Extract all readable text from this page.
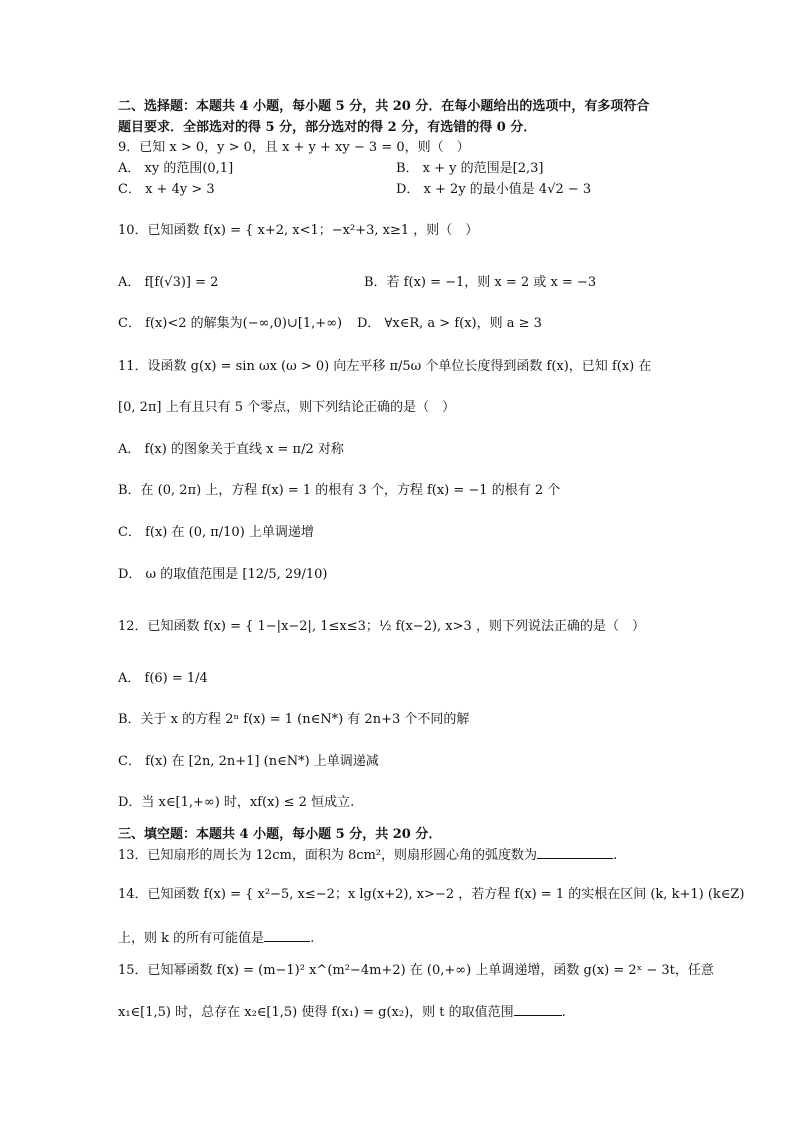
二、选择题：本题共 4 小题，每小题 5 分，共 20 分．在每小题给出的选项中，有多项符合
题目要求．全部选对的得 5 分，部分选对的得 2 分，有选错的得 0 分．
9．已知 x > 0，y > 0，且 x + y + xy − 3 = 0，则（　）
A． xy 的范围(0,1]	B． x + y 的范围是[2,3]
C． x + 4y > 3	D． x + 2y 的最小值是 4√2 − 3
10．已知函数 f(x) = { x+2, x<1；−x²+3, x≥1 ，则（　）
A． f[f(√3)] = 2	B．若 f(x) = −1，则 x = 2 或 x = −3
C． f(x)<2 的解集为(−∞,0)∪[1,+∞) D． ∀x∈R, a > f(x)，则 a ≥ 3
11．设函数 g(x) = sin ωx (ω > 0) 向左平移 π/5ω 个单位长度得到函数 f(x)，已知 f(x) 在
[0, 2π] 上有且只有 5 个零点，则下列结论正确的是（　）
A． f(x) 的图象关于直线 x = π/2 对称
B．在 (0, 2π) 上，方程 f(x) = 1 的根有 3 个，方程 f(x) = −1 的根有 2 个
C． f(x) 在 (0, π/10) 上单调递增
D． ω 的取值范围是 [12/5, 29/10)
12．已知函数 f(x) = { 1−|x−2|, 1≤x≤3；½ f(x−2), x>3 ，则下列说法正确的是（　）
A． f(6) = 1/4
B．关于 x 的方程 2ⁿ f(x) = 1 (n∈N*) 有 2n+3 个不同的解
C． f(x) 在 [2n, 2n+1] (n∈N*) 上单调递减
D．当 x∈[1,+∞) 时，xf(x) ≤ 2 恒成立.
三、填空题：本题共 4 小题，每小题 5 分，共 20 分．
13．已知扇形的周长为 12cm，面积为 8cm²，则扇形圆心角的弧度数为	.
14．已知函数 f(x) = { x²−5, x≤−2；x lg(x+2), x>−2 ，若方程 f(x) = 1 的实根在区间 (k, k+1) (k∈Z)
上，则 k 的所有可能值是	.
15．已知幂函数 f(x) = (m−1)² x^(m²−4m+2) 在 (0,+∞) 上单调递增，函数 g(x) = 2ˣ − 3t，任意
x₁∈[1,5) 时，总存在 x₂∈[1,5) 使得 f(x₁) = g(x₂)，则 t 的取值范围	.
